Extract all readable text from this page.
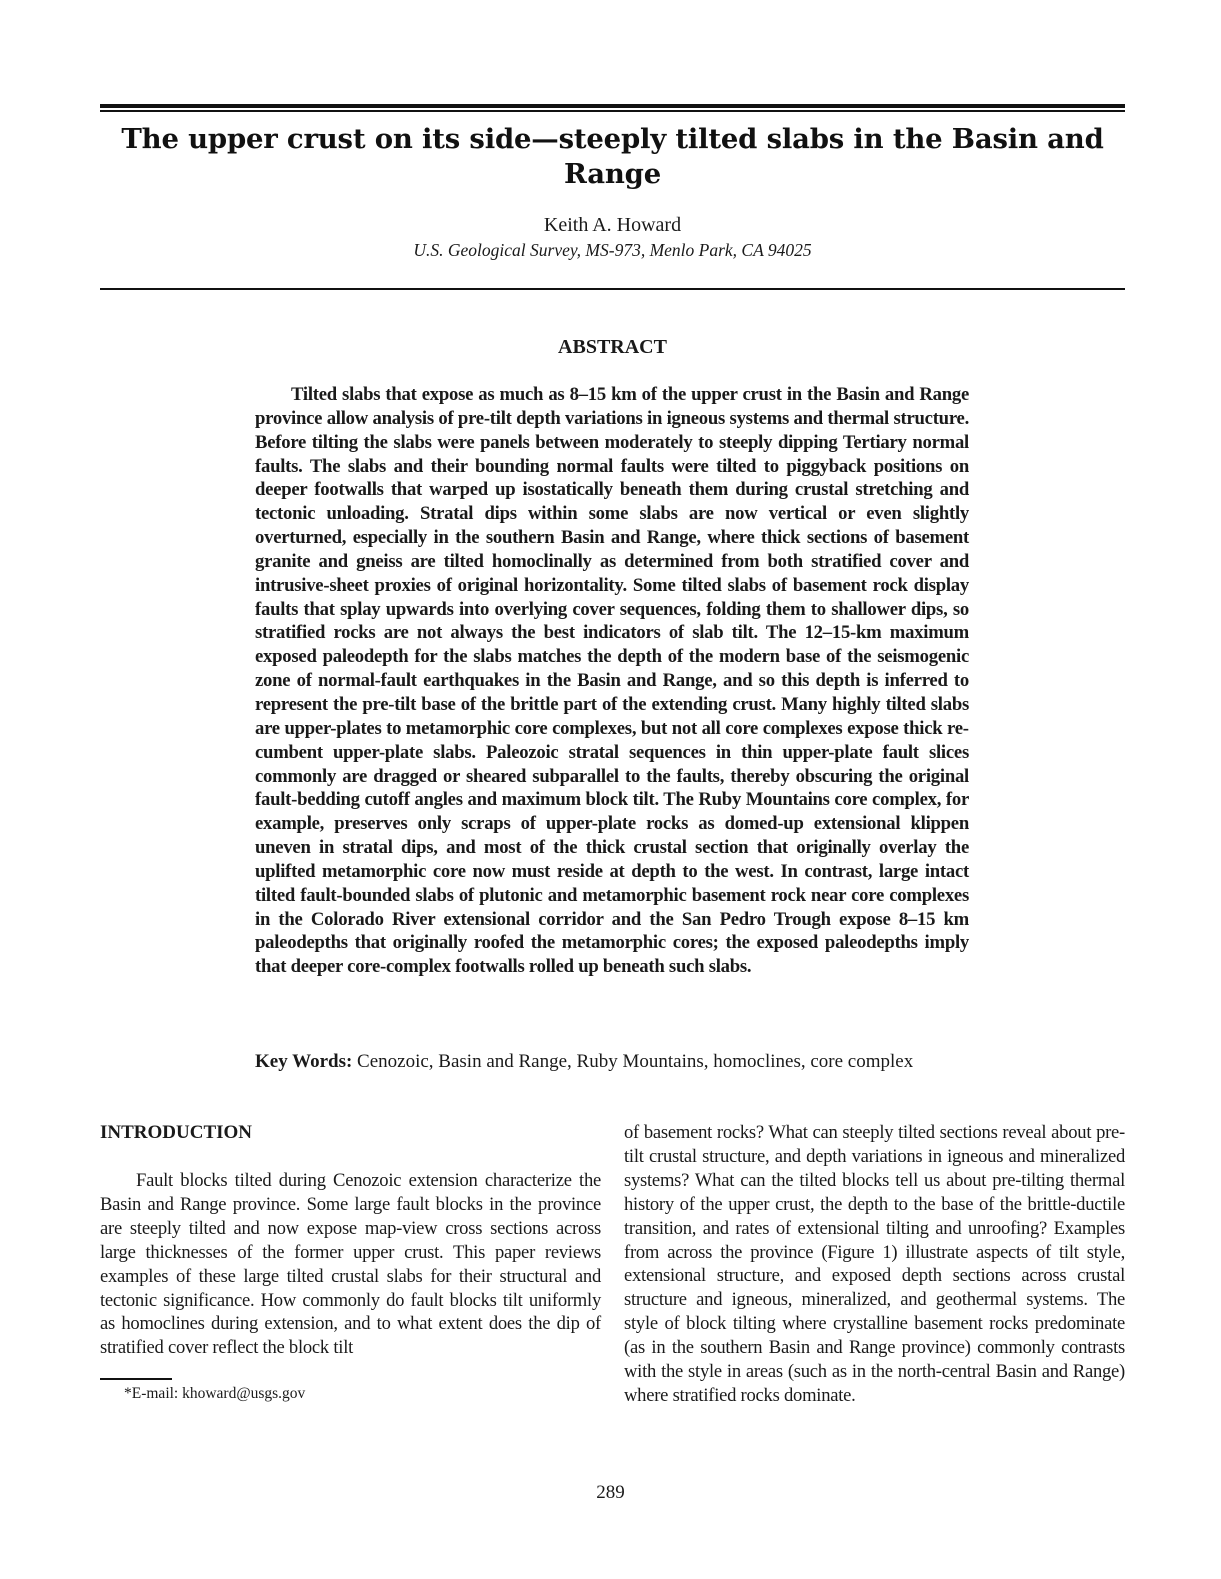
The upper crust on its side—steeply tilted slabs in the Basin and Range
Keith A. Howard
U.S. Geological Survey, MS-973, Menlo Park, CA 94025
ABSTRACT

Tilted slabs that expose as much as 8–15 km of the upper crust in the Basin and Range province allow analysis of pre-tilt depth variations in igneous systems and thermal structure. Before tilting the slabs were panels between moderately to steeply dipping Tertiary normal faults. The slabs and their bounding normal faults were tilted to piggyback positions on deeper footwalls that warped up isostatically beneath them during crustal stretching and tectonic unloading. Stratal dips within some slabs are now vertical or even slightly overturned, especially in the southern Basin and Range, where thick sections of basement granite and gneiss are tilted homoclinally as determined from both stratified cover and intrusive-sheet proxies of original horizontality. Some tilted slabs of basement rock display faults that splay upwards into overlying cover sequences, folding them to shallower dips, so stratified rocks are not always the best indicators of slab tilt. The 12–15-km maximum exposed paleodepth for the slabs matches the depth of the modern base of the seismogenic zone of normal-fault earthquakes in the Basin and Range, and so this depth is inferred to represent the pre-tilt base of the brittle part of the extending crust. Many highly tilted slabs are upper-plates to metamorphic core complexes, but not all core complexes expose thick recumbent upper-plate slabs. Paleozoic stratal sequences in thin upper-plate fault slices commonly are dragged or sheared subparallel to the faults, thereby obscuring the original fault-bedding cutoff angles and maximum block tilt. The Ruby Mountains core complex, for example, preserves only scraps of upper-plate rocks as domed-up extensional klippen uneven in stratal dips, and most of the thick crustal section that originally overlay the uplifted metamorphic core now must reside at depth to the west. In contrast, large intact tilted fault-bounded slabs of plutonic and metamorphic basement rock near core complexes in the Colorado River extensional corridor and the San Pedro Trough expose 8–15 km paleodepths that originally roofed the metamorphic cores; the exposed paleodepths imply that deeper core-complex footwalls rolled up beneath such slabs.

Key Words: Cenozoic, Basin and Range, Ruby Mountains, homoclines, core complex
INTRODUCTION

Fault blocks tilted during Cenozoic extension characterize the Basin and Range province. Some large fault blocks in the province are steeply tilted and now expose map-view cross sections across large thicknesses of the former upper crust. This paper reviews examples of these large tilted crustal slabs for their structural and tectonic significance. How commonly do fault blocks tilt uniformly as homoclines during extension, and to what extent does the dip of stratified cover reflect the block tilt

of basement rocks? What can steeply tilted sections reveal about pre-tilt crustal structure, and depth variations in igneous and mineralized systems? What can the tilted blocks tell us about pre-tilting thermal history of the upper crust, the depth to the base of the brittle-ductile transition, and rates of extensional tilting and unroofing? Examples from across the province (Figure 1) illustrate aspects of tilt style, extensional structure, and exposed depth sections across crustal structure and igneous, mineralized, and geothermal systems. The style of block tilting where crystalline basement rocks predominate (as in the southern Basin and Range province) commonly contrasts with the style in areas (such as in the north-central Basin and Range) where stratified rocks dominate.

*E-mail: khoward@usgs.gov
289
